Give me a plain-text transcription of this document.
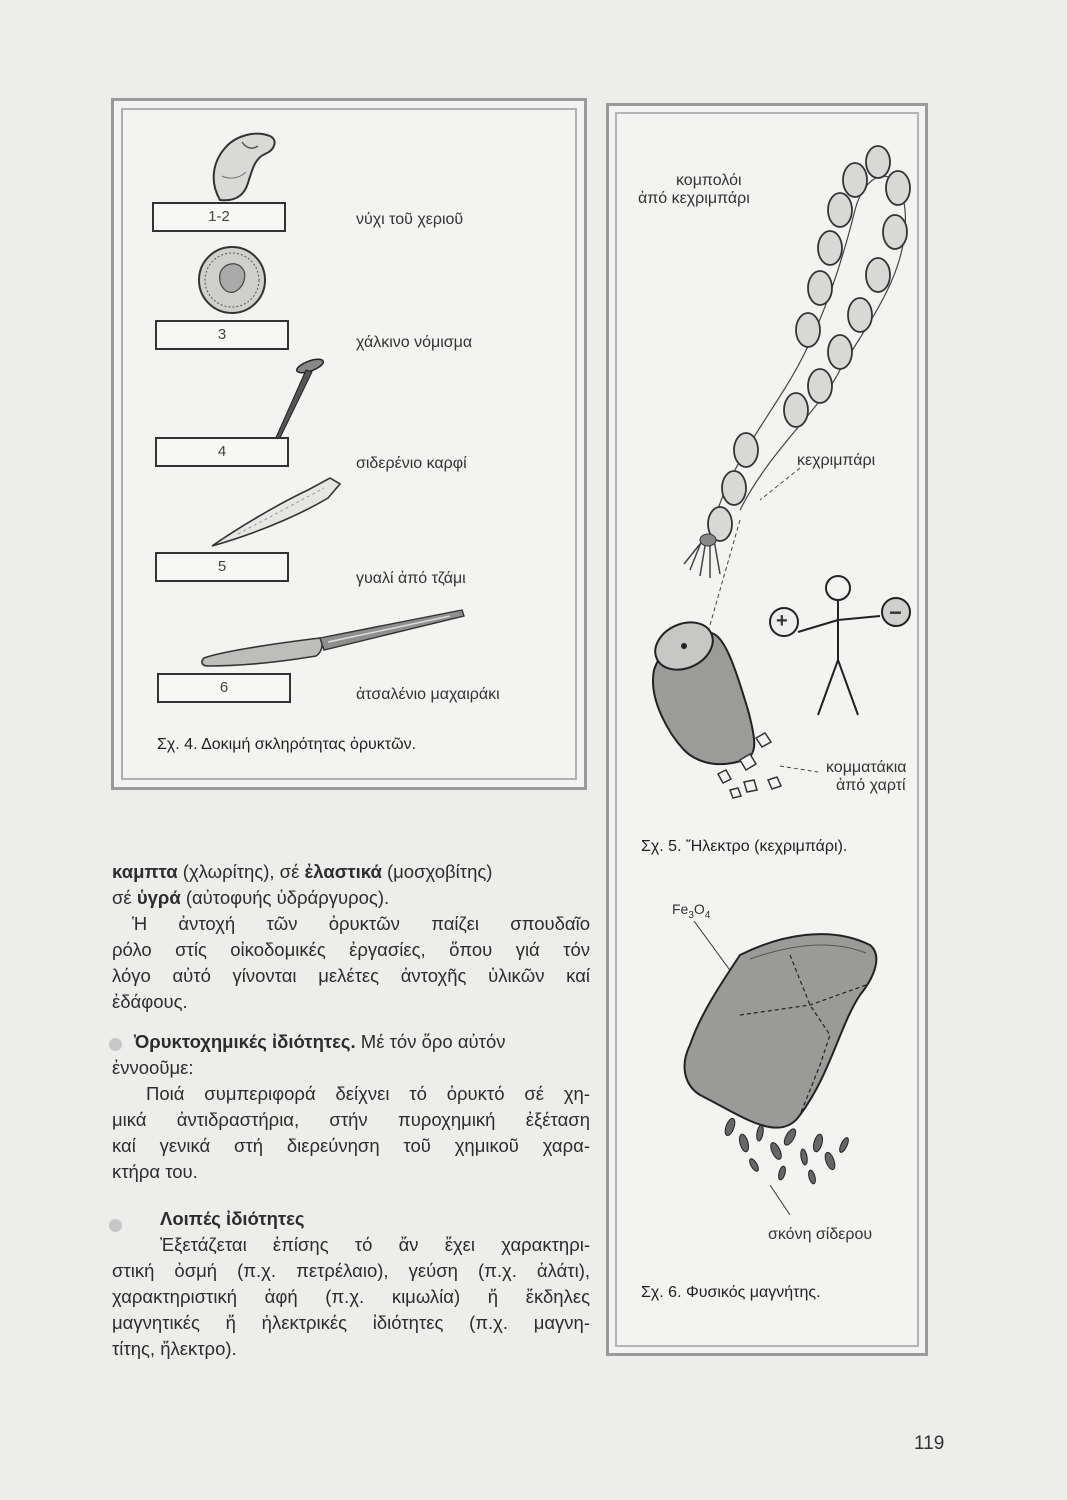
1-2
3
4
5
6
νύχι τοῦ χεριοῦ
χάλκινο νόμισμα
σιδερένιο καρφί
γυαλί ἀπό τζάμι
ἀτσαλένιο μαχαιράκι
Σχ. 4. Δοκιμή σκληρότητας ὀρυκτῶν.
+	−
κομπολόι
ἀπό κεχριμπάρι
κεχριμπάρι
κομματάκια
ἀπό χαρτί
Σχ. 5. Ἤλεκτρο (κεχριμπάρι).
$Fe_3O_4$
σκόνη σίδερου
Σχ. 6. Φυσικός μαγνήτης.

καμπτα (χλωρίτης), σέ ἐλαστικά (μοσχοβίτης)

σέ ὑγρά (αὐτοφυής ὑδράργυρος).

Ἡ ἀντοχή τῶν ὀρυκτῶν παίζει σπουδαῖο

ρόλο στίς οἰκοδομικές ἐργασίες, ὅπου γιά τόν

λόγο αὐτό γίνονται μελέτες ἀντοχῆς ὑλικῶν καί

ἐδάφους.

Ὀρυκτοχημικές ἰδιότητες. Μέ τόν ὅρο αὐτόν

ἐννοοῦμε:

Ποιά συμπεριφορά δείχνει τό ὀρυκτό σέ χη-

μικά ἀντιδραστήρια, στήν πυροχημική ἐξέταση

καί γενικά στή διερεύνηση τοῦ χημικοῦ χαρα-

κτήρα του.

Λοιπές ἰδιότητες

Ἐξετάζεται ἐπίσης τό ἄν ἔχει χαρακτηρι-

στική ὀσμή (π.χ. πετρέλαιο), γεύση (π.χ. ἁλάτι),

χαρακτηριστική ἁφή (π.χ. κιμωλία) ἤ ἔκδηλες

μαγνητικές ἤ ἠλεκτρικές ἰδιότητες (π.χ. μαγνη-

τίτης, ἤλεκτρο).

119
